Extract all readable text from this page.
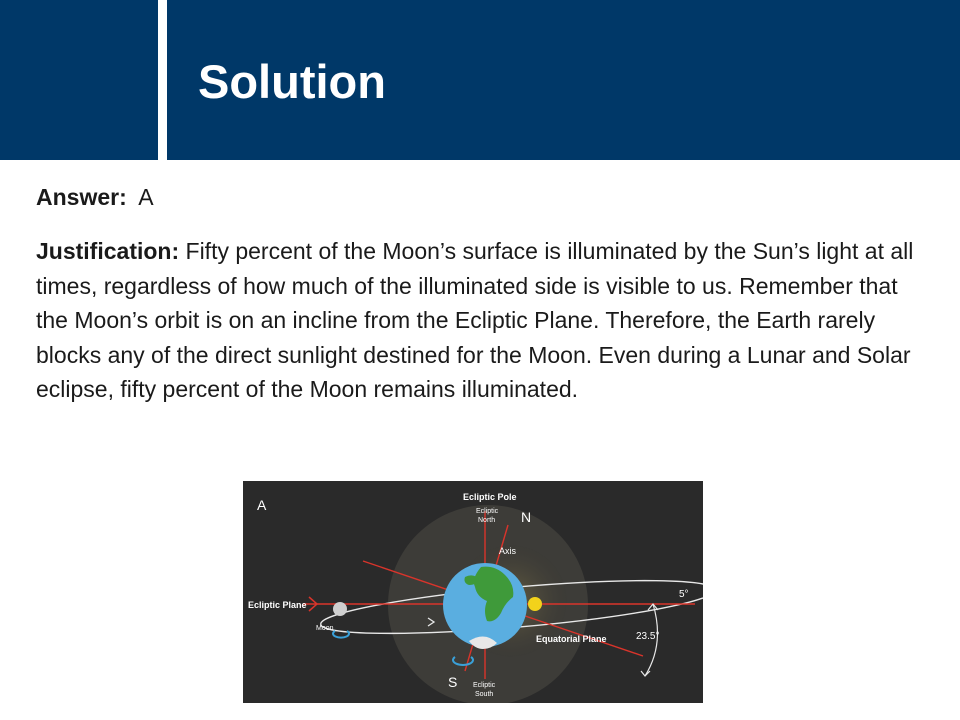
Solution
Answer: A
Justification: Fifty percent of the Moon’s surface is illuminated by the Sun’s light at all times, regardless of how much of the illuminated side is visible to us. Remember that the Moon’s orbit is on an incline from the Ecliptic Plane. Therefore, the Earth rarely blocks any of the direct sunlight destined for the Moon. Even during a Lunar and Solar eclipse, fifty percent of the Moon remains illuminated.
A	Ecliptic Pole
Ecliptic
North N
Axis
Ecliptic Plane
Moon
Equatorial Plane
5°
23.5°
S Ecliptic
South
